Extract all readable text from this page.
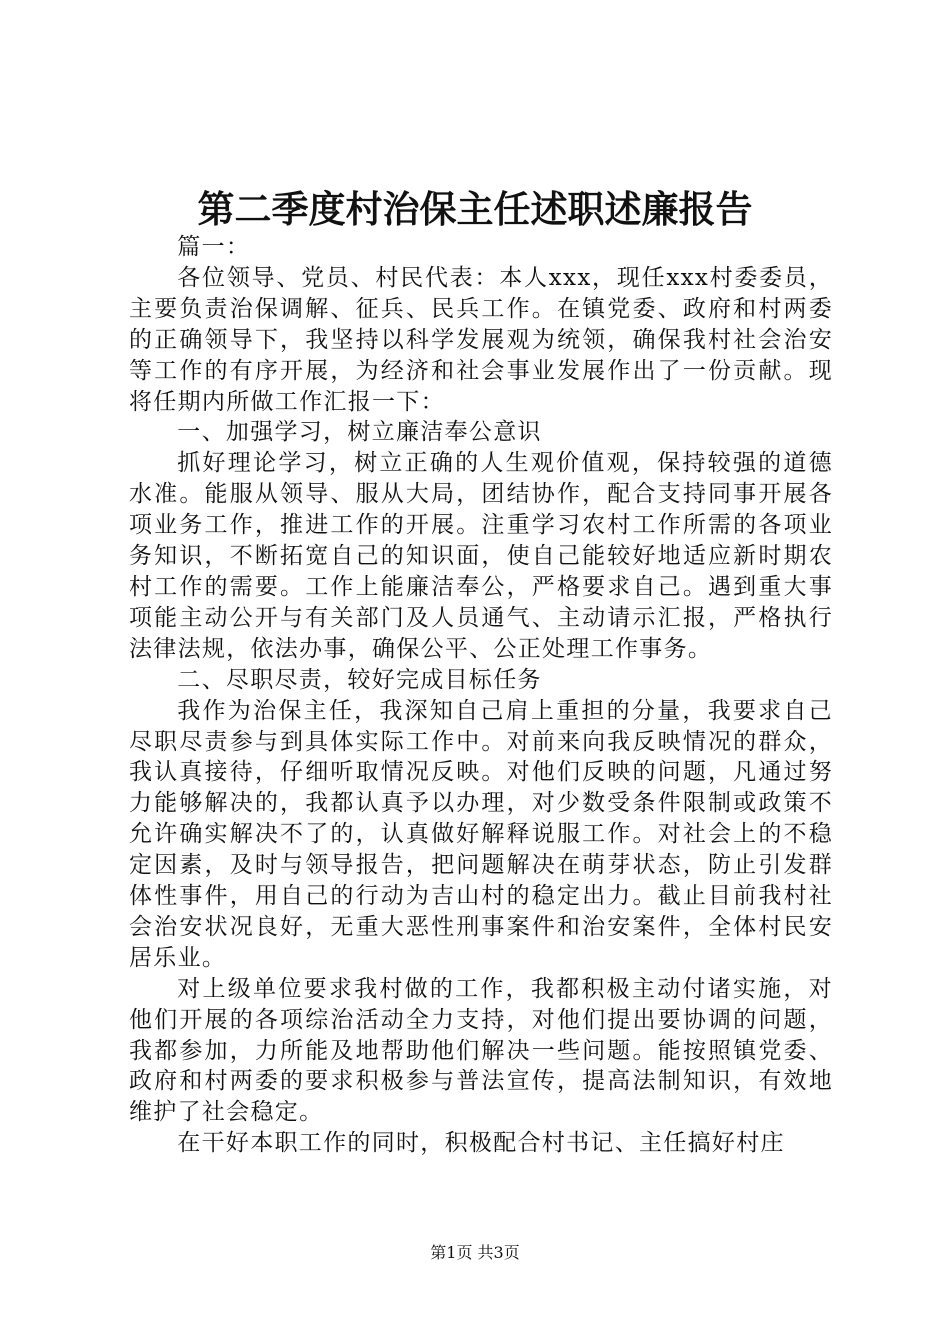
第二季度村治保主任述职述廉报告

篇一：

各位领导、党员、村民代表：本人xxx，现任xxx村委委员，主要负责治保调解、征兵、民兵工作。在镇党委、政府和村两委的正确领导下，我坚持以科学发展观为统领，确保我村社会治安等工作的有序开展，为经济和社会事业发展作出了一份贡献。现将任期内所做工作汇报一下：

一、加强学习，树立廉洁奉公意识

抓好理论学习，树立正确的人生观价值观，保持较强的道德水准。能服从领导、服从大局，团结协作，配合支持同事开展各项业务工作，推进工作的开展。注重学习农村工作所需的各项业务知识，不断拓宽自己的知识面，使自己能较好地适应新时期农村工作的需要。工作上能廉洁奉公，严格要求自己。遇到重大事项能主动公开与有关部门及人员通气、主动请示汇报，严格执行法律法规，依法办事，确保公平、公正处理工作事务。

二、尽职尽责，较好完成目标任务

我作为治保主任，我深知自己肩上重担的分量，我要求自己尽职尽责参与到具体实际工作中。对前来向我反映情况的群众，我认真接待，仔细听取情况反映。对他们反映的问题，凡通过努力能够解决的，我都认真予以办理，对少数受条件限制或政策不允许确实解决不了的，认真做好解释说服工作。对社会上的不稳定因素，及时与领导报告，把问题解决在萌芽状态，防止引发群体性事件，用自己的行动为吉山村的稳定出力。截止目前我村社会治安状况良好，无重大恶性刑事案件和治安案件，全体村民安居乐业。

对上级单位要求我村做的工作，我都积极主动付诸实施，对他们开展的各项综治活动全力支持，对他们提出要协调的问题，我都参加，力所能及地帮助他们解决一些问题。能按照镇党委、政府和村两委的要求积极参与普法宣传，提高法制知识，有效地维护了社会稳定。

在干好本职工作的同时，积极配合村书记、主任搞好村庄

第1页 共3页
